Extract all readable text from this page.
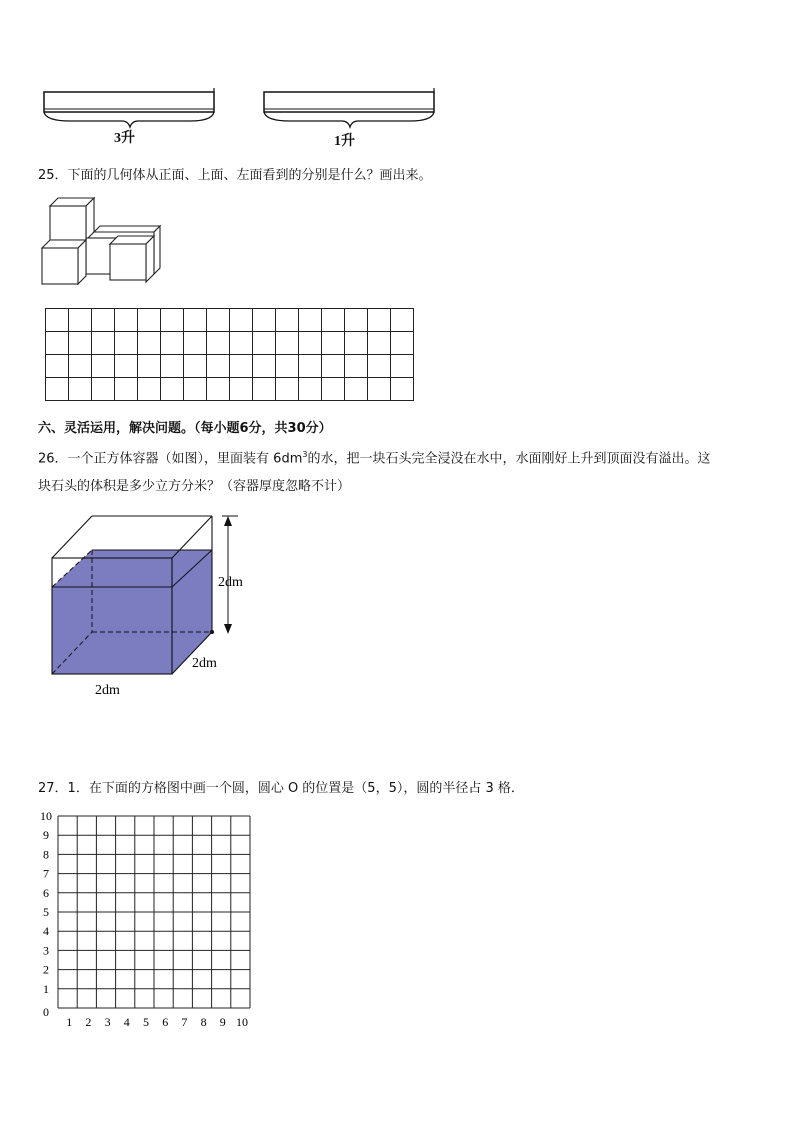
3升	1升
25．下面的几何体从正面、上面、左面看到的分别是什么？画出来。

六、灵活运用，解决问题。（每小题6分，共30分）
26．一个正方体容器（如图），里面装有 $6dm^3$的水，把一块石头完全浸没在水中，水面刚好上升到顶面没有溢出。这
块石头的体积是多少立方分米？（容器厚度忽略不计）
2dm
2dm
2dm
27．1．在下面的方格图中画一个圆，圆心 O 的位置是（5，5），圆的半径占 3 格．
10
9
8
7
6
5
4
3
2
1
0
1 2 3 4 5 6 7 8 9 10
